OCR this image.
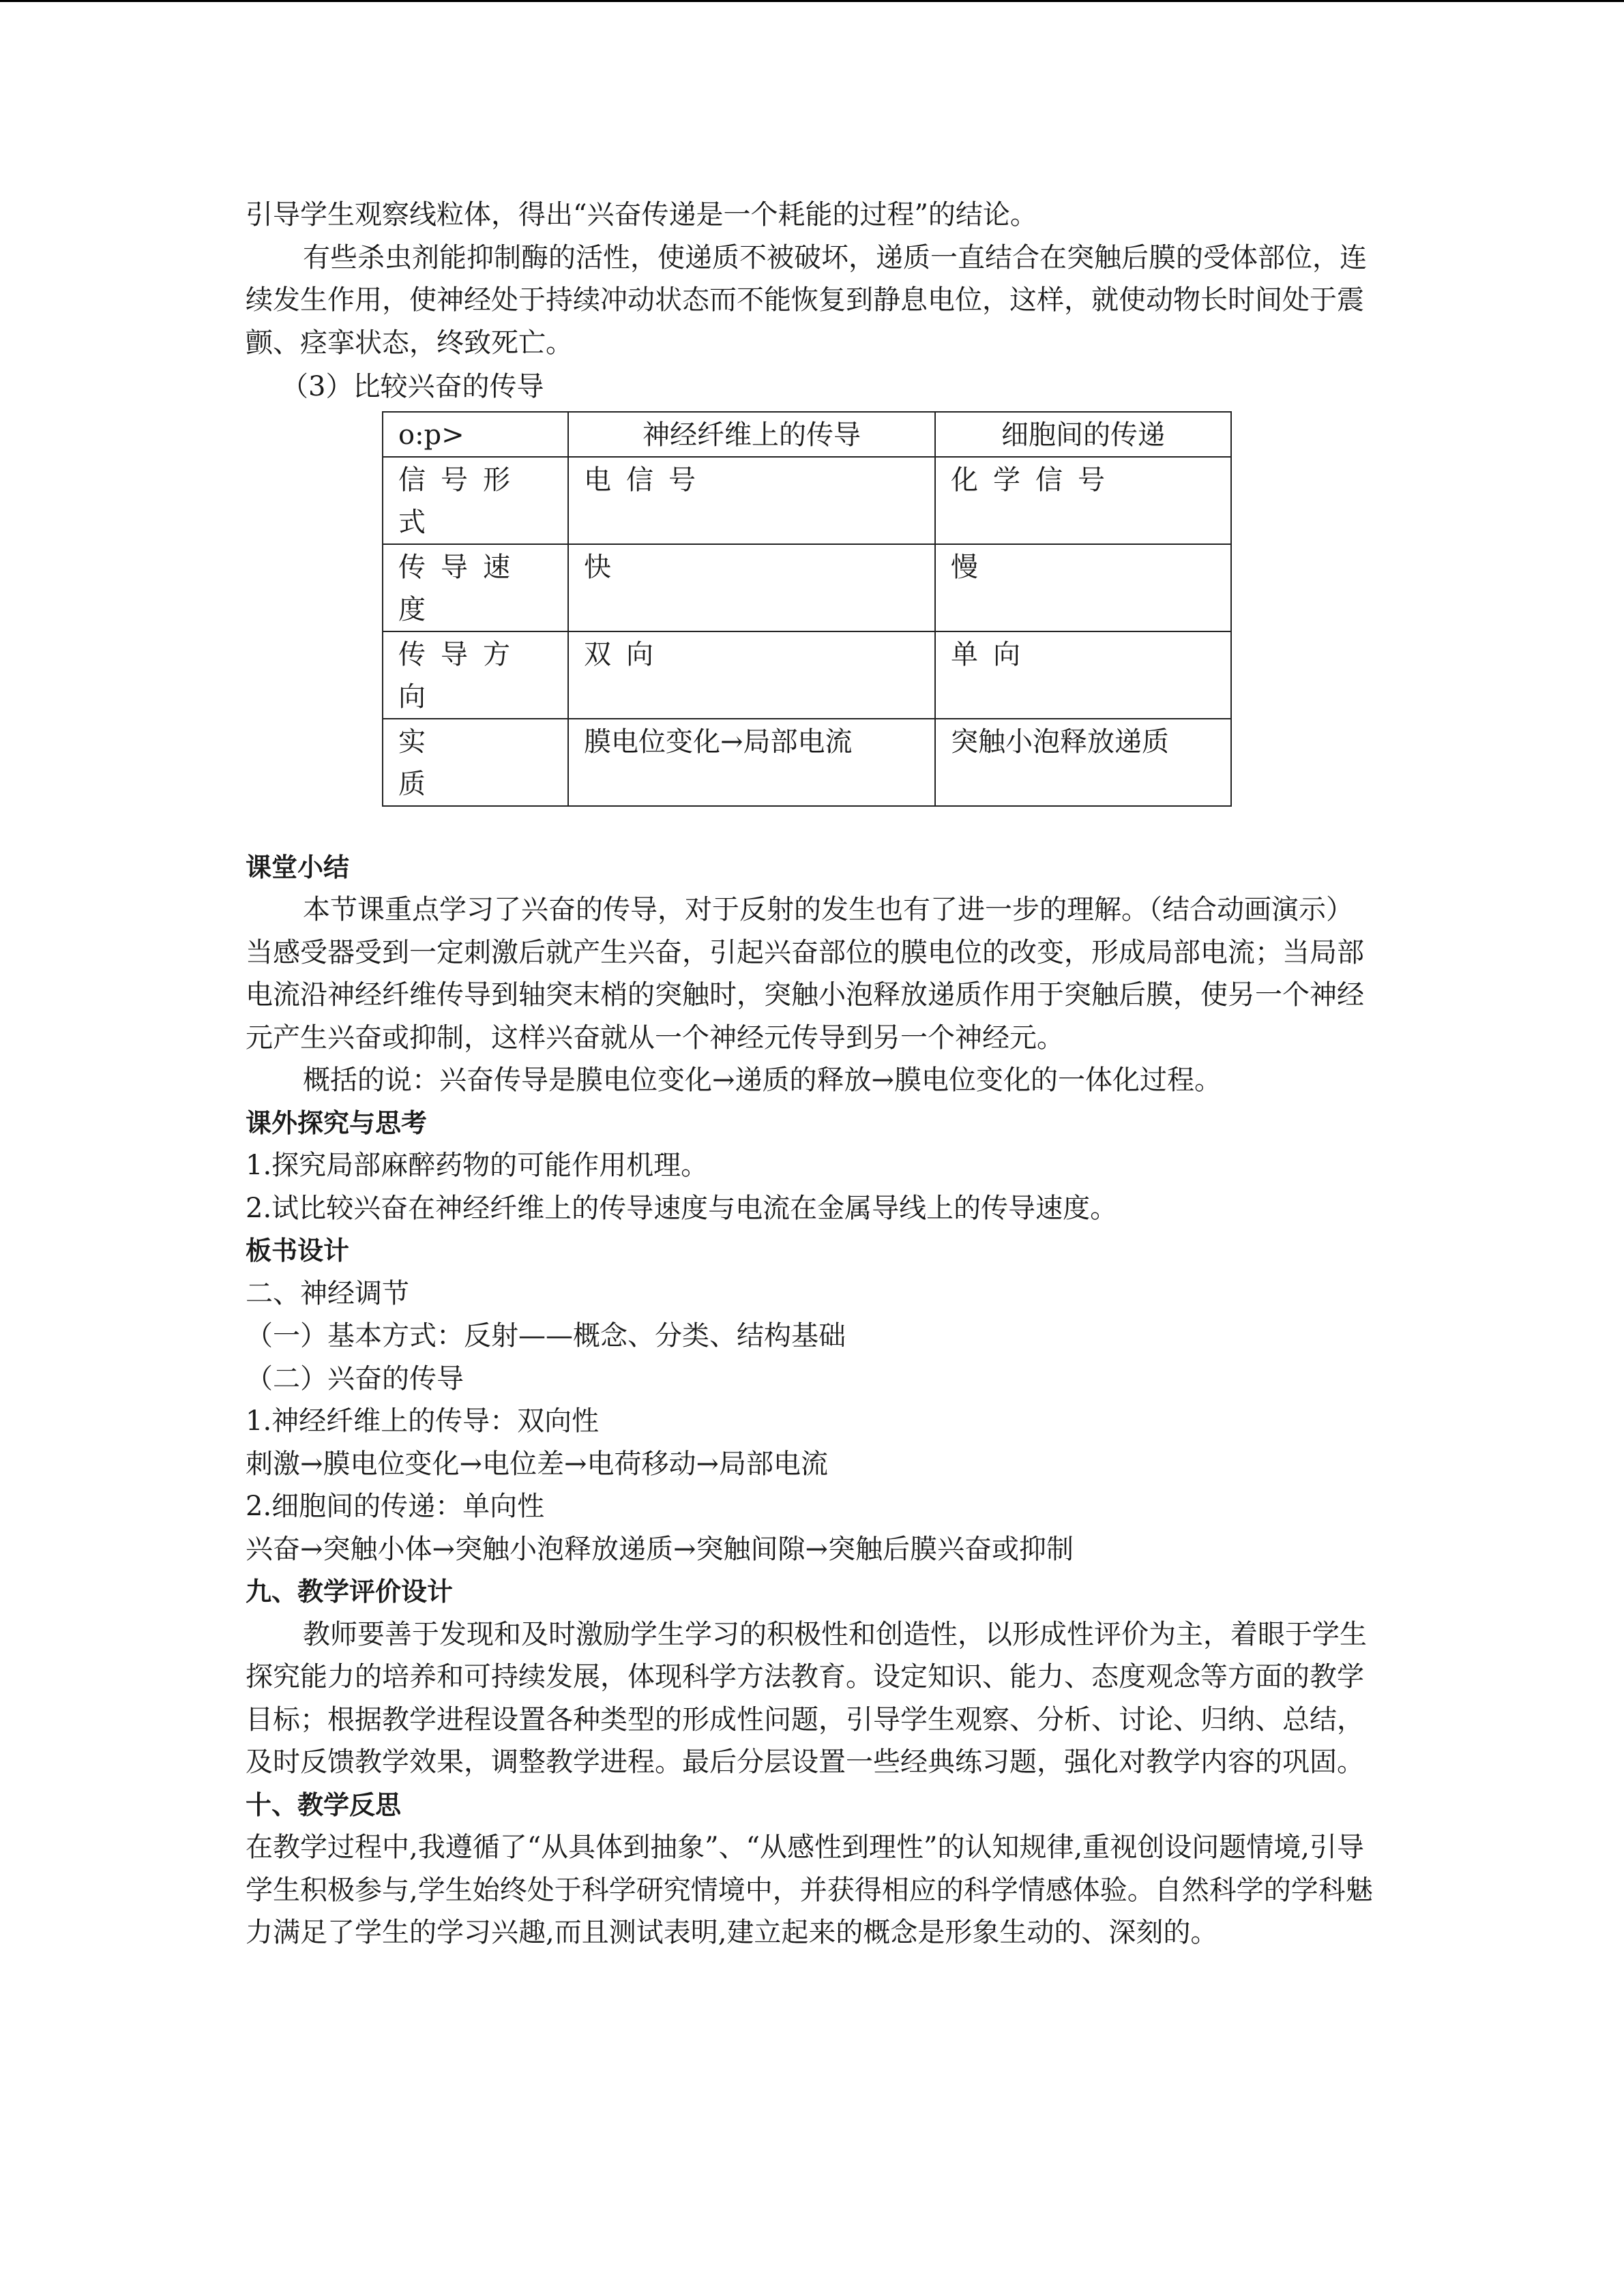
引导学生观察线粒体，得出“兴奋传递是一个耗能的过程”的结论。

有些杀虫剂能抑制酶的活性，使递质不被破坏，递质一直结合在突触后膜的受体部位，连续发生作用，使神经处于持续冲动状态而不能恢复到静息电位，这样，就使动物长时间处于震颤、痉挛状态，终致死亡。

（3）比较兴奋的传导

o:p>	神经纤维上的传导	细胞间的传递
信号形式	电信号	化学信号
传导速度	快	慢
传导方向	双向	单向
实质	膜电位变化→局部电流	突触小泡释放递质

课堂小结

本节课重点学习了兴奋的传导，对于反射的发生也有了进一步的理解。（结合动画演示）当感受器受到一定刺激后就产生兴奋，引起兴奋部位的膜电位的改变，形成局部电流；当局部电流沿神经纤维传导到轴突末梢的突触时，突触小泡释放递质作用于突触后膜，使另一个神经元产生兴奋或抑制，这样兴奋就从一个神经元传导到另一个神经元。

概括的说：兴奋传导是膜电位变化→递质的释放→膜电位变化的一体化过程。

课外探究与思考

1.探究局部麻醉药物的可能作用机理。

2.试比较兴奋在神经纤维上的传导速度与电流在金属导线上的传导速度。

板书设计

二、神经调节

（一）基本方式：反射——概念、分类、结构基础

（二）兴奋的传导

1.神经纤维上的传导：双向性

刺激→膜电位变化→电位差→电荷移动→局部电流

2.细胞间的传递：单向性

兴奋→突触小体→突触小泡释放递质→突触间隙→突触后膜兴奋或抑制

九、教学评价设计

教师要善于发现和及时激励学生学习的积极性和创造性，以形成性评价为主，着眼于学生探究能力的培养和可持续发展，体现科学方法教育。设定知识、能力、态度观念等方面的教学目标；根据教学进程设置各种类型的形成性问题，引导学生观察、分析、讨论、归纳、总结，及时反馈教学效果，调整教学进程。最后分层设置一些经典练习题，强化对教学内容的巩固。

十、教学反思

在教学过程中,我遵循了“从具体到抽象”、“从感性到理性”的认知规律,重视创设问题情境,引导学生积极参与,学生始终处于科学研究情境中，并获得相应的科学情感体验。自然科学的学科魅力满足了学生的学习兴趣,而且测试表明,建立起来的概念是形象生动的、深刻的。
